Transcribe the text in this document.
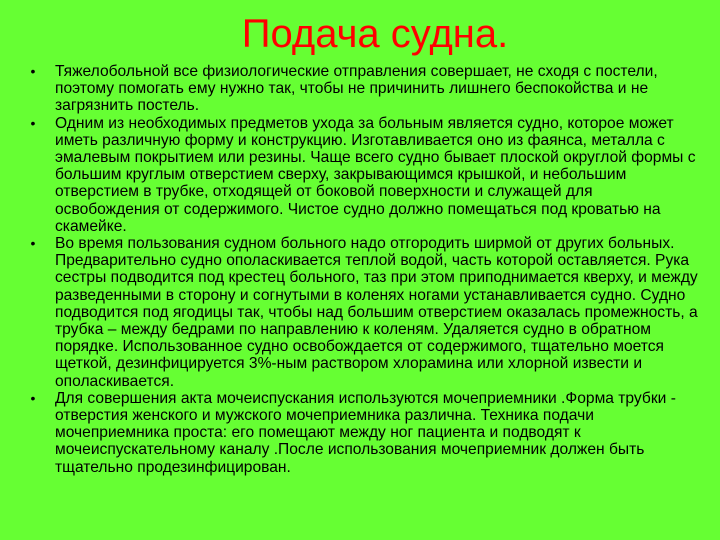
Подача судна.
•	Тяжелобольной все физиологические отправления совершает, не сходя с постели, поэтому помогать ему нужно так, чтобы не причинить лишнего беспокойства и не загрязнить постель.
•	Одним из необходимых предметов ухода за больным является судно, которое может иметь различную форму и конструкцию. Изготавливается оно из фаянса, металла с эмалевым покрытием или резины. Чаще всего судно бывает плоской округлой формы с большим круглым отверстием сверху, закрывающимся крышкой, и небольшим отверстием в трубке, отходящей от боковой поверхности и служащей для освобождения от содержимого. Чистое судно должно помещаться под кроватью на скамейке.
•	Во время пользования судном больного надо отгородить ширмой от других больных. Предварительно судно ополаскивается теплой водой, часть которой оставляется. Рука сестры подводится под крестец больного, таз при этом приподнимается кверху, и между разведенными в сторону и согнутыми в коленях ногами устанавливается судно. Судно подводится под ягодицы так, чтобы над большим отверстием оказалась промежность, а трубка – между бедрами по направлению к коленям. Удаляется судно в обратном порядке. Использованное судно освобождается от содержимого, тщательно моется щеткой, дезинфицируется 3%-ным раствором хлорамина или хлорной извести и ополаскивается.
•	Для совершения акта мочеиспускания используются мочеприемники .Форма трубки - отверстия женского и мужского мочеприемника различна. Техника подачи мочеприемника проста: его помещают между ног пациента и подводят к мочеиспускательному каналу .После использования мочеприемник должен быть тщательно продезинфицирован.
